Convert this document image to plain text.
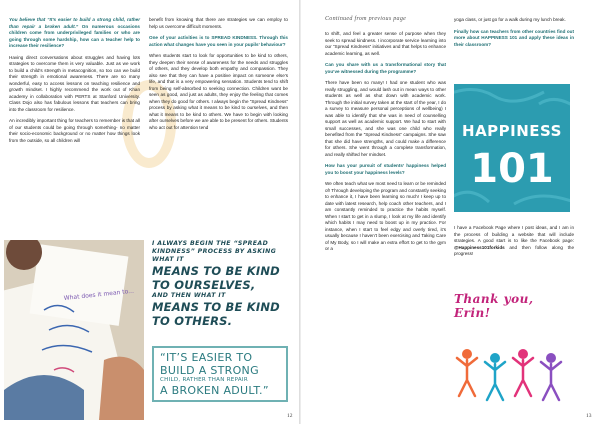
You believe that “It’s easier to build a strong child, rather than repair a broken adult.” On numerous occasions children come from underprivileged families or who are going through some hardship, how can a teacher help to increase their resilience?

Having direct conversations about struggles and having lots strategies to overcome them is very valuable. Just as we work to build a child’s strength in metacognition, so too can we build their strength in emotional awareness. There are so many wonderful, easy to access lessons on teaching resilience and growth mindset. I highly recommend the work out of Khan academy in collaboration with PERTS at Stanford University. Class Dojo also has fabulous lessons that teachers can bring into the classroom for resilience.

An incredibly important thing for teachers to remember is that all of our students could be going through something- no matter their socio-economic background or no matter how things look from the outside, so all children will

benefit from knowing that there are strategies we can employ to help us overcome difficult moments.

One of your activities is to SPREAD KINDNESS. Through this action what changes have you seen in your pupils’ behaviour?

When students start to look for opportunities to be kind to others, they deepen their sense of awareness for the needs and struggles of others, and they develop both empathy and compassion. They also see that they can have a positive impact on someone else’s life, and that is a very empowering sensation. Students tend to shift from being self-absorbed to seeking connection. Children want be seen as good, and just as adults, they enjoy the feeling that comes when they do good for others. I always begin the “Spread Kindness” process by asking what it means to be kind to ourselves, and then what it means to be kind to others. We have to begin with looking after ourselves before we are able to be present for others. Students who act out for attention tend

What does it mean to...
I ALWAYS BEGIN THE “SPREAD KINDNESS” PROCESS BY ASKING WHAT IT
MEANS TO BE KIND TO OURSELVES,
AND THEN WHAT IT
MEANS TO BE KIND TO OTHERS.
“IT’S EASIER TO BUILD A STRONG
CHILD, RATHER THAN REPAIR
A BROKEN ADULT.”
12
Continued from previous page

to shift, and feel a greater sense of purpose when they seek to spread kindness. I incorporate service learning into our “Spread Kindness” initiatives and that helps to enhance academic learning, as well.

Can you share with us a transformational story that you’ve witnessed during the programme?

There have been so many! I had one student who was really struggling, and would lash out in mean ways to other students as well as shut down with academic work. Through the initial survey taken at the start of the year, I do a survey to measure personal perceptions of wellbeing) I was able to identify that she was in need of counselling support as well as academic support. We had to start with small successes, and she was one child who really benefited from the “Spread Kindness” campaigns. She saw that she did have strengths, and could make a difference for others. She went through a complete transformation, and really shifted her mindset.

How has your pursuit of students’ happiness helped you to boost your happiness levels?

We often teach what we most need to learn or be reminded of! Through developing the program and constantly seeking to enhance it, I have been learning so much! I keep up to date with latest research, help coach other teachers, and I am constantly reminded to practice the habits myself. When I start to get in a slump, I look at my life and identify which habits I may need to boost up in my practice. For instance, when I start to feel edgy and overly tired, it’s usually because I haven’t been exercising and Taking Care of My Body, so I will make an extra effort to get to the gym or a

yoga class, or just go for a walk during my lunch break.

Finally how can teachers from other countries find out more about HAPPINESS 101 and apply these ideas in their classroom?

HAPPINESS
101

I have a Facebook Page where I post ideas, and I am in the process of building a website that will include strategies. A good start is to like the Facebook page: @Happiness101forkids and then follow along the progress!

Thank you, Erin!
13
